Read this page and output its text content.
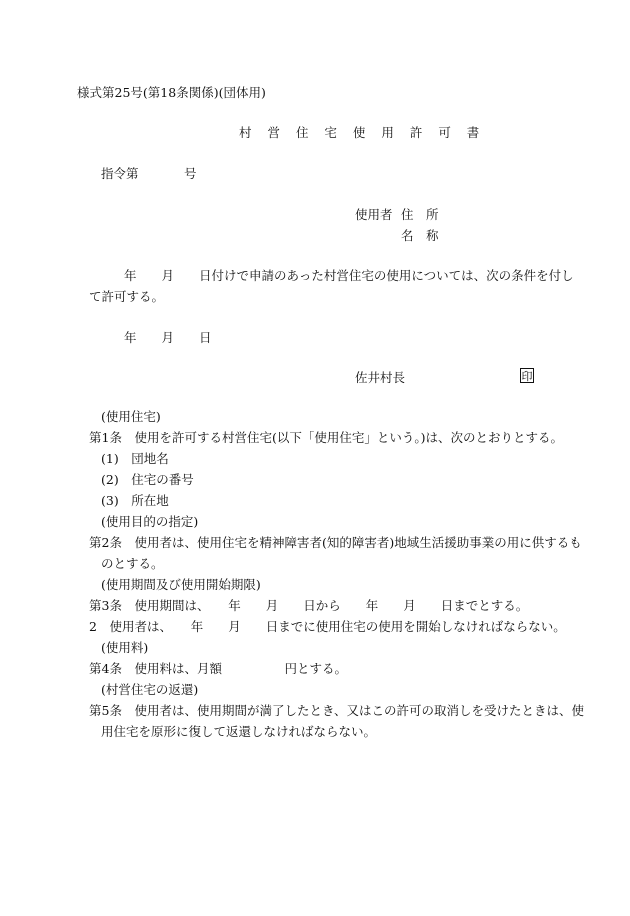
様式第25号(第18条関係)(団体用)
村 営 住 宅 使 用 許 可 書
指令第	号
使用者 住　所
名　称
年　　月　　日付けで申請のあった村営住宅の使用については、次の条件を付し
て許可する。
年　　月　　日
佐井村長	印
(使用住宅)
第1条　使用を許可する村営住宅(以下「使用住宅」という。)は、次のとおりとする。
(1)　団地名
(2)　住宅の番号
(3)　所在地
(使用目的の指定)
第2条　使用者は、使用住宅を精神障害者(知的障害者)地域生活援助事業の用に供するも
のとする。
(使用期間及び使用開始期限)
第3条　使用期間は、　　年　　月　　日から　　年　　月　　日までとする。
2　使用者は、　　年　　月　　日までに使用住宅の使用を開始しなければならない。
(使用料)
第4条　使用料は、月額　　　　　円とする。
(村営住宅の返還)
第5条　使用者は、使用期間が満了したとき、又はこの許可の取消しを受けたときは、使
用住宅を原形に復して返還しなければならない。
